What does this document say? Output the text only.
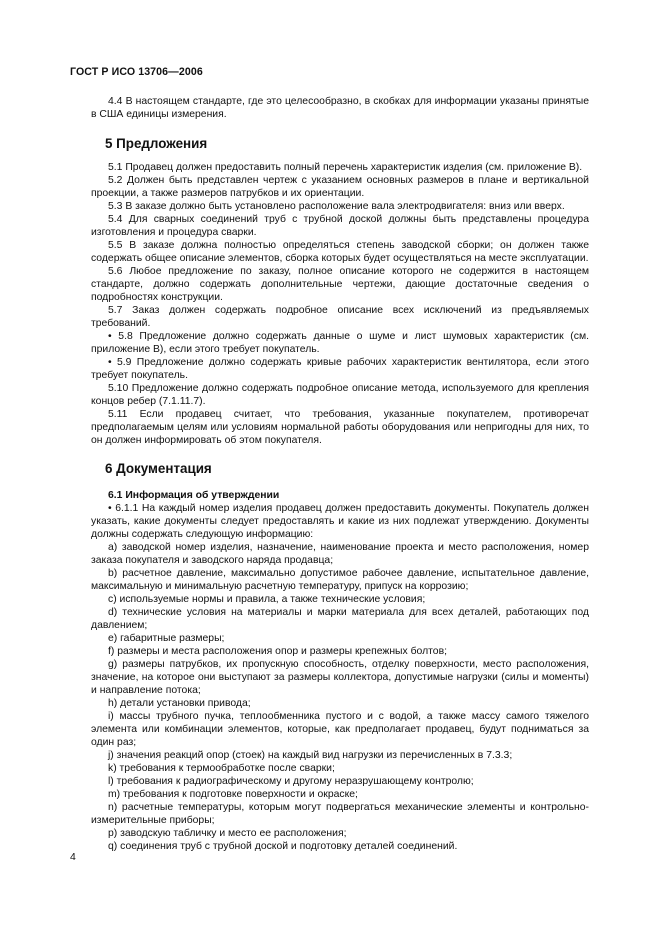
ГОСТ Р ИСО 13706—2006

4.4 В настоящем стандарте, где это целесообразно, в скобках для информации указаны принятые в США единицы измерения.

5 Предложения

5.1 Продавец должен предоставить полный перечень характеристик изделия (см. приложение В).

5.2 Должен быть представлен чертеж с указанием основных размеров в плане и вертикальной проекции, а также размеров патрубков и их ориентации.

5.3 В заказе должно быть установлено расположение вала электродвигателя: вниз или вверх.

5.4 Для сварных соединений труб с трубной доской должны быть представлены процедура изготовления и процедура сварки.

5.5 В заказе должна полностью определяться степень заводской сборки; он должен также содержать общее описание элементов, сборка которых будет осуществляться на месте эксплуатации.

5.6 Любое предложение по заказу, полное описание которого не содержится в настоящем стандарте, должно содержать дополнительные чертежи, дающие достаточные сведения о подробностях конструкции.

5.7 Заказ должен содержать подробное описание всех исключений из предъявляемых требований.

• 5.8 Предложение должно содержать данные о шуме и лист шумовых характеристик (см. приложение В), если этого требует покупатель.

• 5.9 Предложение должно содержать кривые рабочих характеристик вентилятора, если этого требует покупатель.

5.10 Предложение должно содержать подробное описание метода, используемого для крепления концов ребер (7.1.11.7).

5.11 Если продавец считает, что требования, указанные покупателем, противоречат предполагаемым целям или условиям нормальной работы оборудования или непригодны для них, то он должен информировать об этом покупателя.

6 Документация

6.1 Информация об утверждении

• 6.1.1 На каждый номер изделия продавец должен предоставить документы. Покупатель должен указать, какие документы следует предоставлять и какие из них подлежат утверждению. Документы должны содержать следующую информацию:

a) заводской номер изделия, назначение, наименование проекта и место расположения, номер заказа покупателя и заводского наряда продавца;

b) расчетное давление, максимально допустимое рабочее давление, испытательное давление, максимальную и минимальную расчетную температуру, припуск на коррозию;

c) используемые нормы и правила, а также технические условия;

d) технические условия на материалы и марки материала для всех деталей, работающих под давлением;

e) габаритные размеры;

f) размеры и места расположения опор и размеры крепежных болтов;

g) размеры патрубков, их пропускную способность, отделку поверхности, место расположения, значение, на которое они выступают за размеры коллектора, допустимые нагрузки (силы и моменты) и направление потока;

h) детали установки привода;

i) массы трубного пучка, теплообменника пустого и с водой, а также массу самого тяжелого элемента или комбинации элементов, которые, как предполагает продавец, будут подниматься за один раз;

j) значения реакций опор (стоек) на каждый вид нагрузки из перечисленных в 7.3.3;

k) требования к термообработке после сварки;

l) требования к радиографическому и другому неразрушающему контролю;

m) требования к подготовке поверхности и окраске;

n) расчетные температуры, которым могут подвергаться механические элементы и контрольно-измерительные приборы;

p) заводскую табличку и место ее расположения;

q) соединения труб с трубной доской и подготовку деталей соединений.

4
